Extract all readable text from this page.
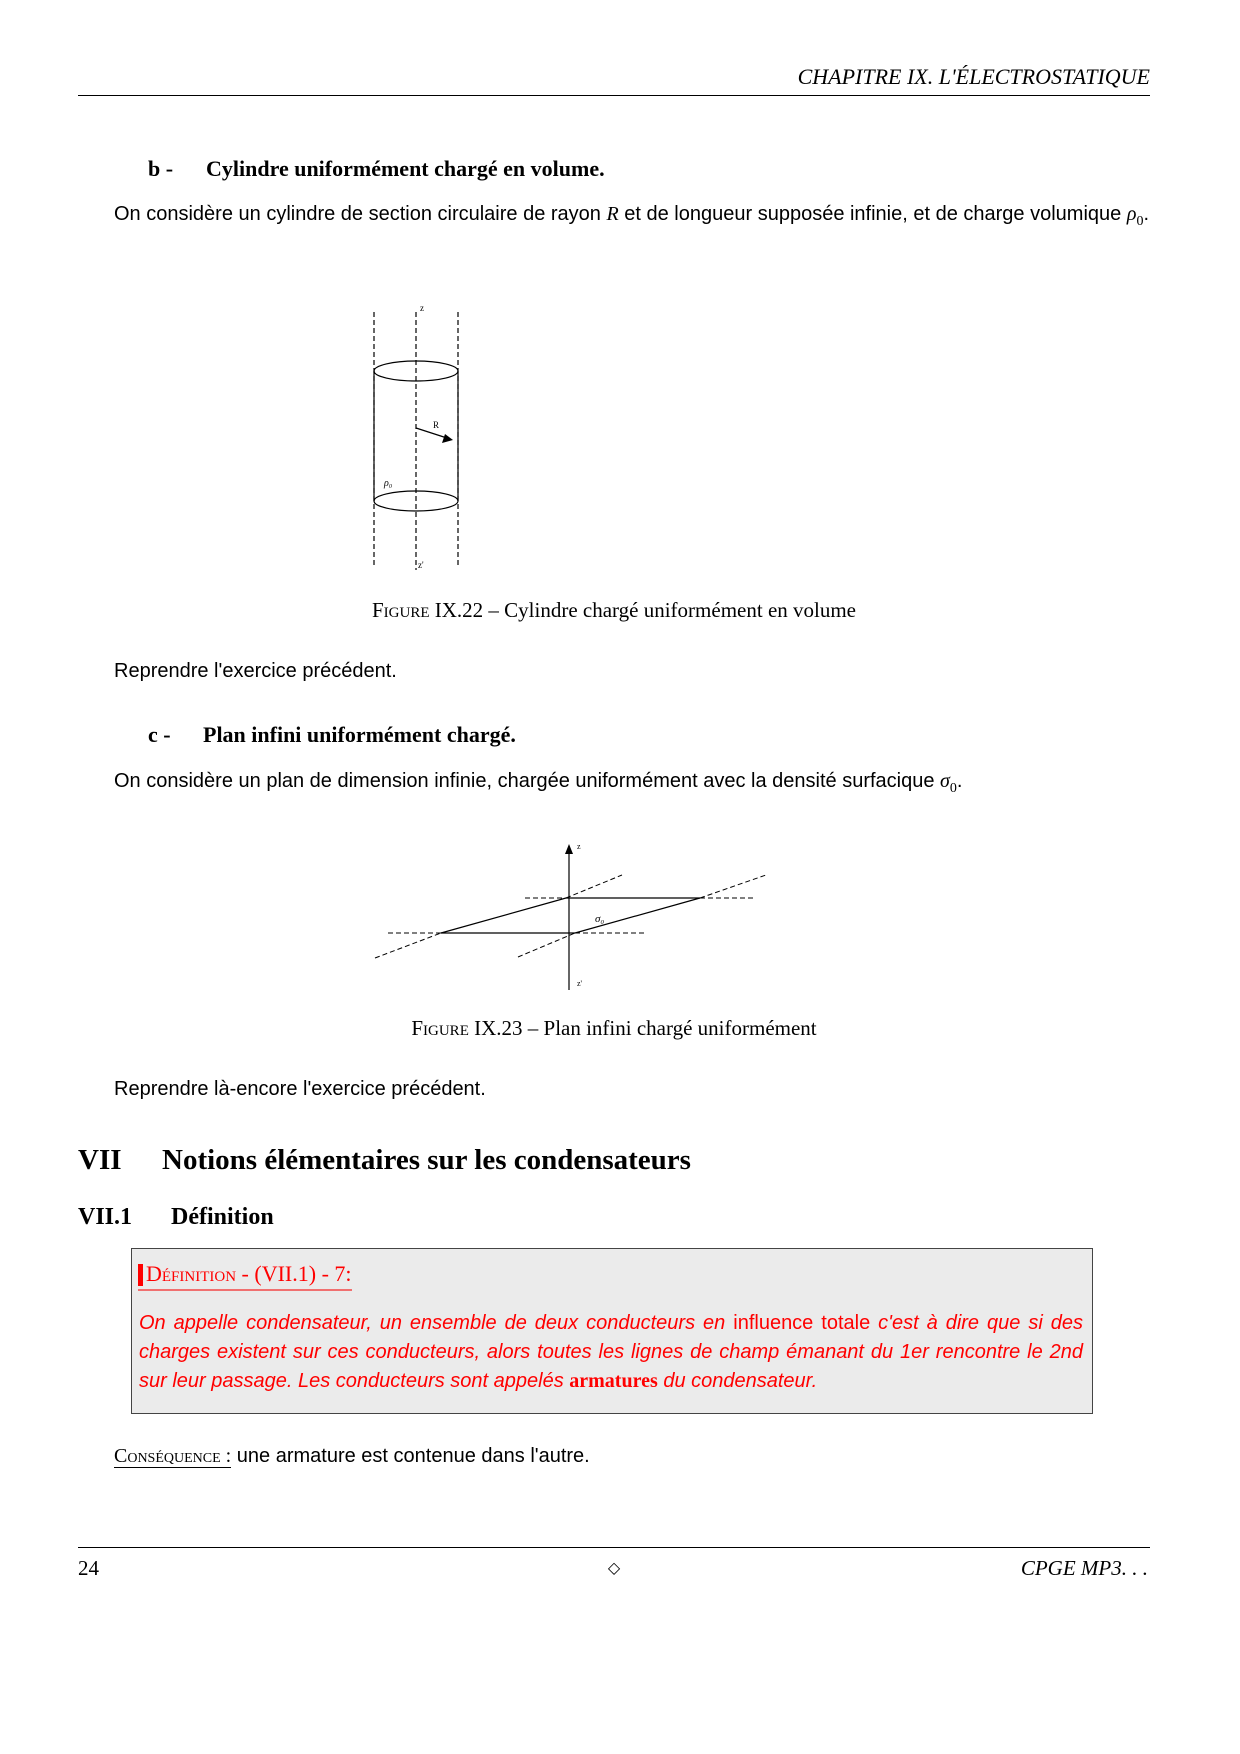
CHAPITRE IX. L'ÉLECTROSTATIQUE
b - Cylindre uniformément chargé en volume.
On considère un cylindre de section circulaire de rayon R et de longueur supposée infinie, et de charge volumique $\rho_0$.
z
R
ρ₀
z'
Figure IX.22 – Cylindre chargé uniformément en volume
Reprendre l'exercice précédent.
c - Plan infini uniformément chargé.
On considère un plan de dimension infinie, chargée uniformément avec la densité surfacique $\sigma_0$.
z
σ₀
z'
Figure IX.23 – Plan infini chargé uniformément
Reprendre là-encore l'exercice précédent.
VII Notions élémentaires sur les condensateurs
VII.1 Définition
Définition - (VII.1) - 7:
On appelle condensateur, un ensemble de deux conducteurs en influence totale c'est à dire que si des charges existent sur ces conducteurs, alors toutes les lignes de champ émanant du 1er rencontre le 2nd sur leur passage. Les conducteurs sont appelés armatures du condensateur.
Conséquence : une armature est contenue dans l'autre.
24	◇	CPGE MP3. . .
